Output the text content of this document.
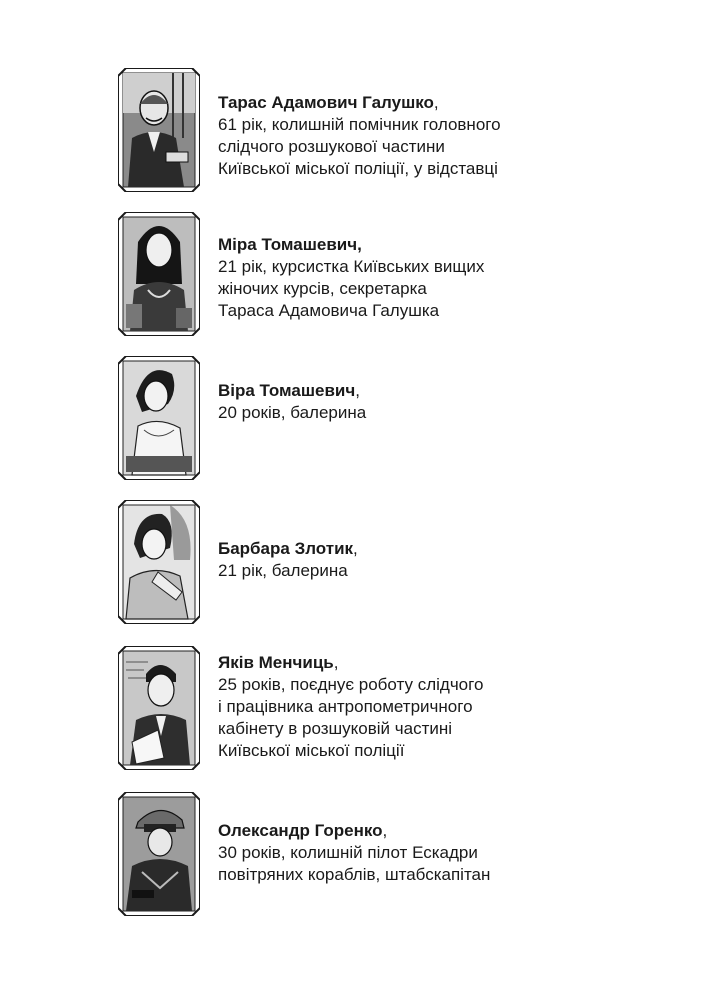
Тарас Адамович Галушко,
61 рік, колишній помічник головного
слідчого розшукової частини
Київської міської поліції, у відставці
Міра Томашевич,
21 рік, курсистка Київських вищих
жіночих курсів, секретарка
Тараса Адамовича Галушка
Віра Томашевич,
20 років, балерина
Барбара Злотик,
21 рік, балерина
Яків Менчиць,
25 років, поєднує роботу слідчого
і працівника антропометричного
кабінету в розшуковій частині
Київської міської поліції
Олександр Горенко,
30 років, колишній пілот Ескадри
повітряних кораблів, штабскапітан
